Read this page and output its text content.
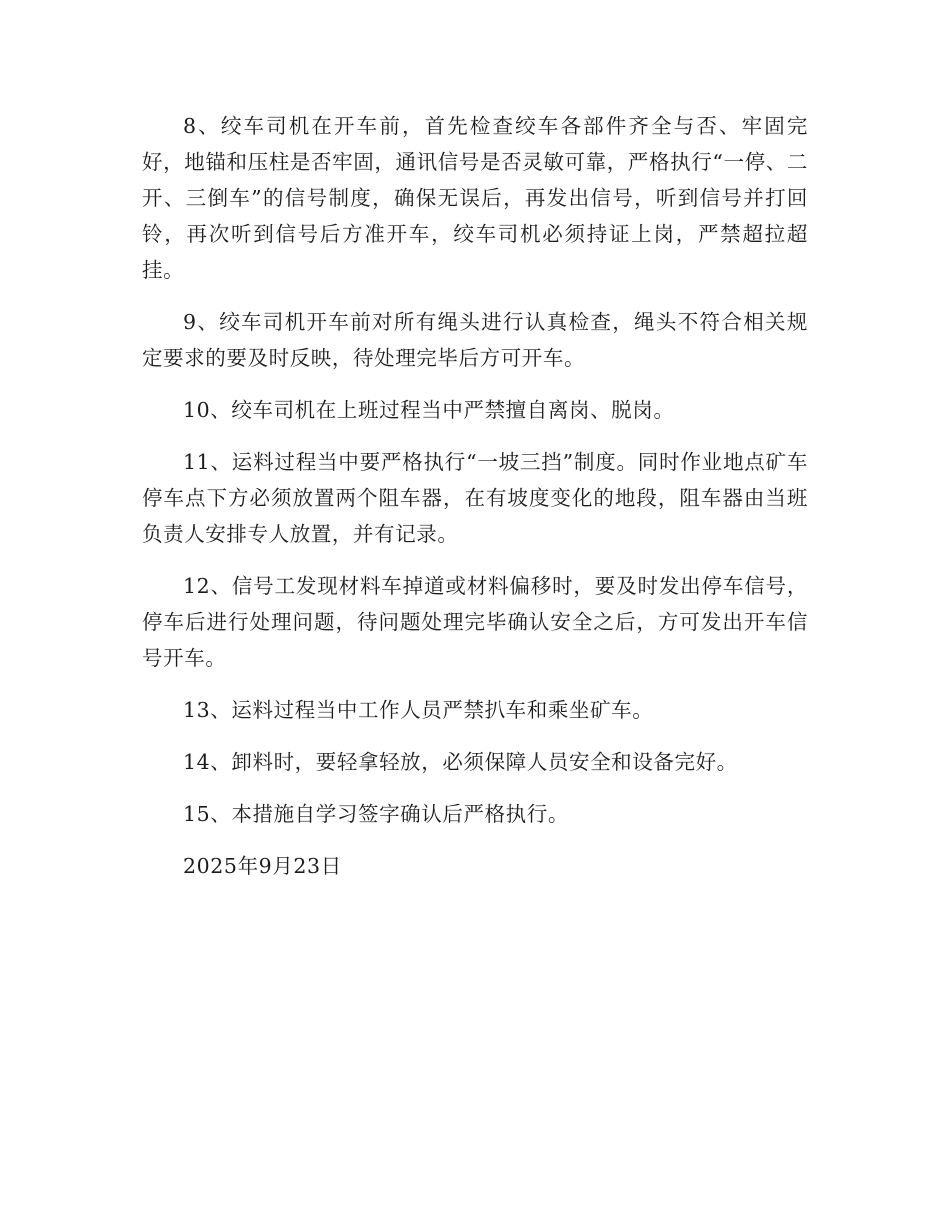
8、绞车司机在开车前，首先检查绞车各部件齐全与否、牢固完好，地锚和压柱是否牢固，通讯信号是否灵敏可靠，严格执行“一停、二开、三倒车”的信号制度，确保无误后，再发出信号，听到信号并打回铃，再次听到信号后方准开车，绞车司机必须持证上岗，严禁超拉超挂。

9、绞车司机开车前对所有绳头进行认真检查，绳头不符合相关规定要求的要及时反映，待处理完毕后方可开车。

10、绞车司机在上班过程当中严禁擅自离岗、脱岗。

11、运料过程当中要严格执行“一坡三挡”制度。同时作业地点矿车停车点下方必须放置两个阻车器，在有坡度变化的地段，阻车器由当班负责人安排专人放置，并有记录。

12、信号工发现材料车掉道或材料偏移时，要及时发出停车信号，停车后进行处理问题，待问题处理完毕确认安全之后，方可发出开车信号开车。

13、运料过程当中工作人员严禁扒车和乘坐矿车。

14、卸料时，要轻拿轻放，必须保障人员安全和设备完好。

15、本措施自学习签字确认后严格执行。

2025年9月23日
